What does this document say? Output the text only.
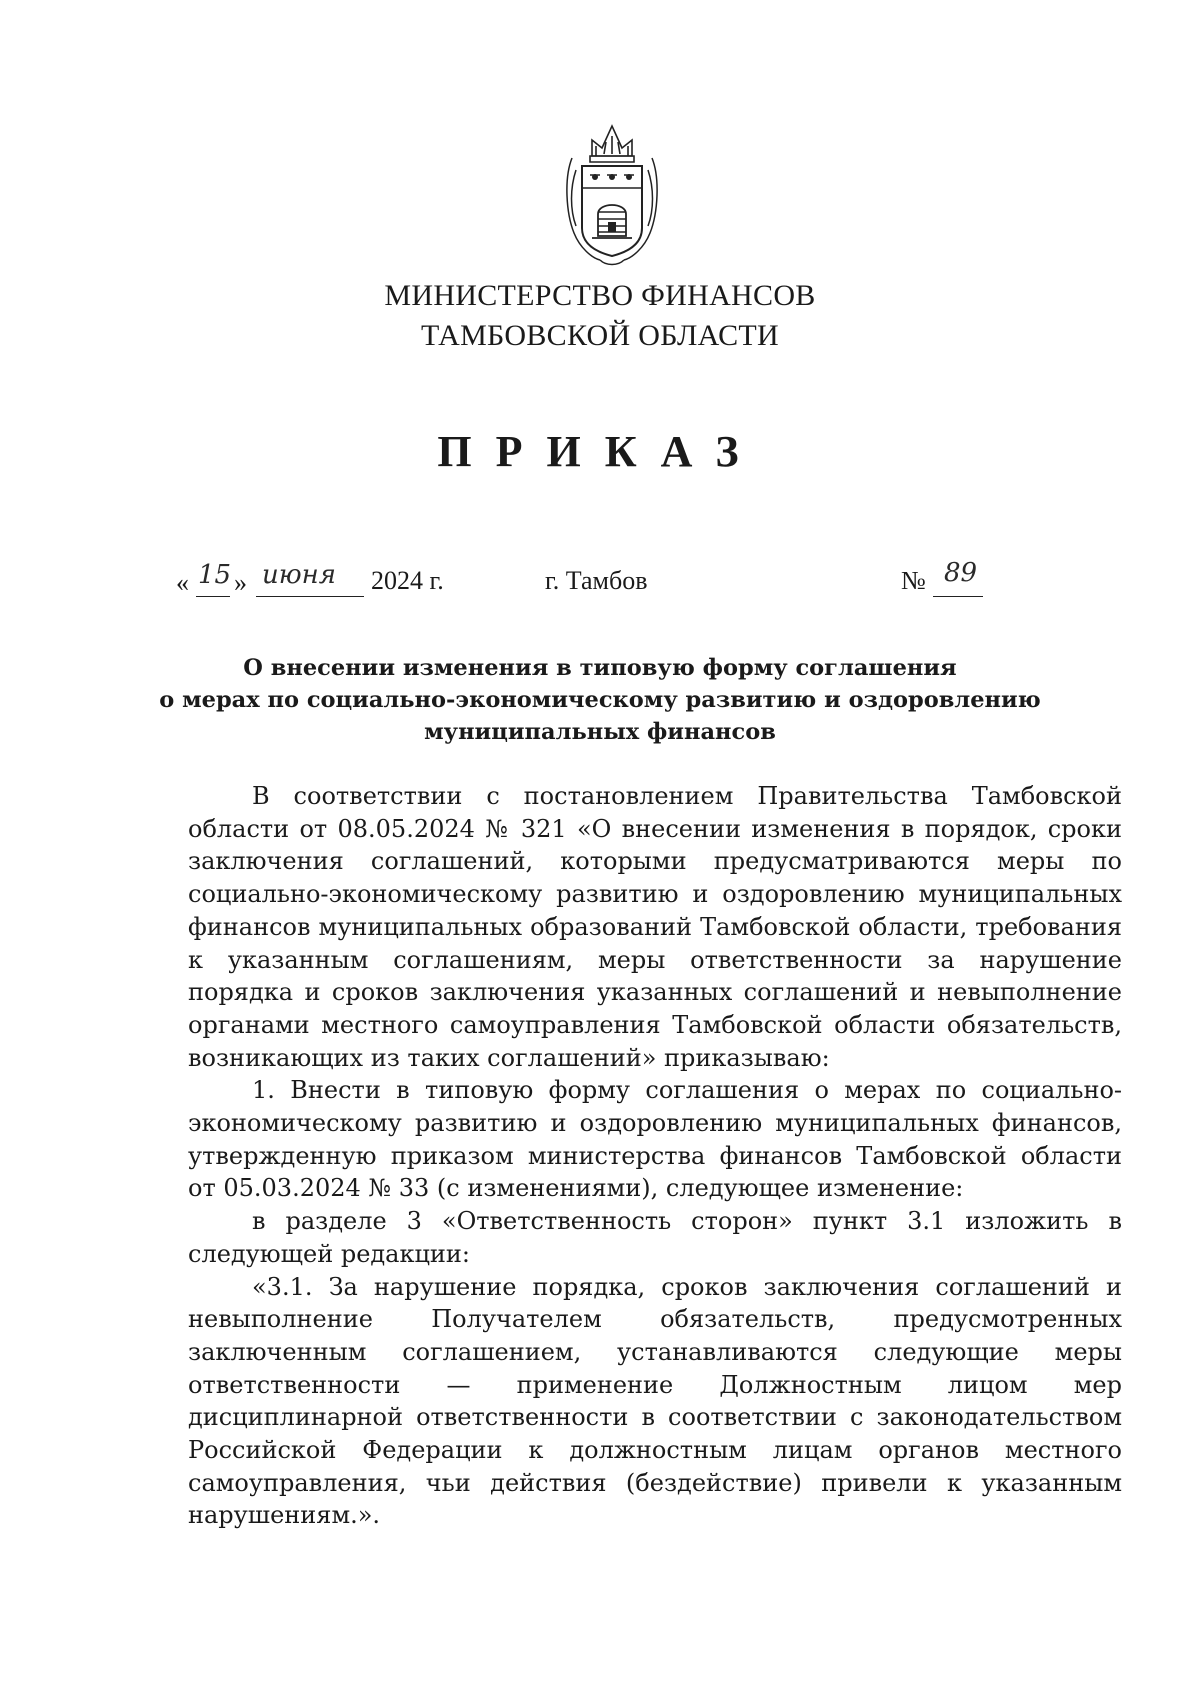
МИНИСТЕРСТВО ФИНАНСОВ
ТАМБОВСКОЙ ОБЛАСТИ
ПРИКАЗ
« 15 » июня 2024 г.	г. Тамбов	№ 89
О внесении изменения в типовую форму соглашения
о мерах по социально-экономическому развитию и оздоровлению
муниципальных финансов

В соответствии с постановлением Правительства Тамбовской области от 08.05.2024 № 321 «О внесении изменения в порядок, сроки заключения соглашений, которыми предусматриваются меры по социально-экономическому развитию и оздоровлению муниципальных финансов муниципальных образований Тамбовской области, требования к указанным соглашениям, меры ответственности за нарушение порядка и сроков заключения указанных соглашений и невыполнение органами местного самоуправления Тамбовской области обязательств, возникающих из таких соглашений» приказываю:

1. Внести в типовую форму соглашения о мерах по социально-экономическому развитию и оздоровлению муниципальных финансов, утвержденную приказом министерства финансов Тамбовской области от 05.03.2024 № 33 (с изменениями), следующее изменение:

в разделе 3 «Ответственность сторон» пункт 3.1 изложить в следующей редакции:

«3.1. За нарушение порядка, сроков заключения соглашений и невыполнение Получателем обязательств, предусмотренных заключенным соглашением, устанавливаются следующие меры ответственности — применение Должностным лицом мер дисциплинарной ответственности в соответствии с законодательством Российской Федерации к должностным лицам органов местного самоуправления, чьи действия (бездействие) привели к указанным нарушениям.».
